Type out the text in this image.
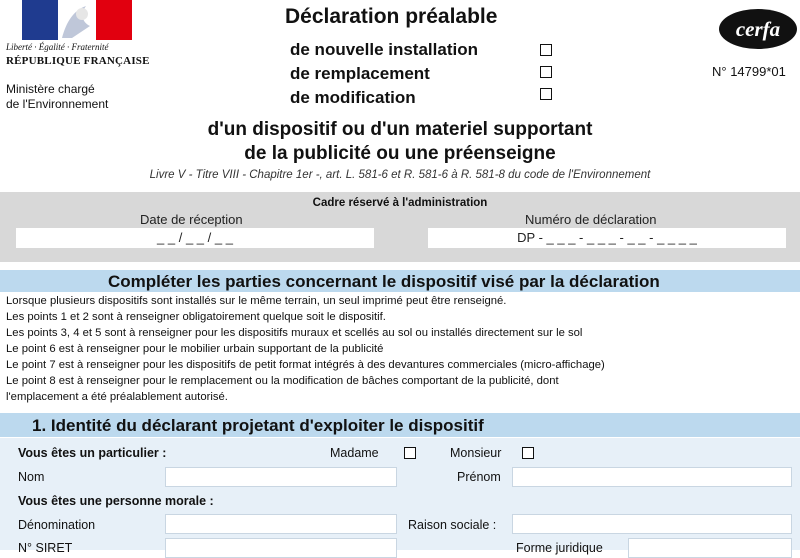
Liberté · Égalité · Fraternité
RÉPUBLIQUE FRANÇAISE
Ministère chargé
de l'Environnement
Déclaration préalable
de nouvelle installation
de remplacement
de modification
cerfa
N° 14799*01
d'un dispositif ou d'un materiel supportant
de la publicité ou une préenseigne
Livre V - Titre VIII - Chapitre 1er -, art. L. 581-6 et R. 581-6 à R. 581-8 du code de l'Environnement
Cadre réservé à l'administration
Date de réception
_ _ / _ _ / _ _
Numéro de déclaration
DP - _ _ _ - _ _ _ - _ _ - _ _ _ _
Compléter les parties concernant le dispositif visé par la déclaration
Lorsque plusieurs dispositifs sont installés sur le même terrain, un seul imprimé peut être renseigné.
Les points 1 et 2 sont à renseigner obligatoirement quelque soit le dispositif.
Les points 3, 4 et 5 sont à renseigner pour les dispositifs muraux et scellés au sol ou installés directement sur le sol
Le point 6 est à renseigner pour le mobilier urbain supportant de la publicité
Le point 7 est à renseigner pour les dispositifs de petit format intégrés à des devantures commerciales (micro-affichage)
Le point 8 est à renseigner pour le remplacement ou la modification de bâches comportant de la publicité, dont
l'emplacement a été préalablement autorisé.
1. Identité du déclarant projetant d'exploiter le dispositif
Vous êtes un particulier :	Madame	Monsieur
Nom	Prénom
Vous êtes une personne morale :
Dénomination	Raison sociale :
N° SIRET	Forme juridique
